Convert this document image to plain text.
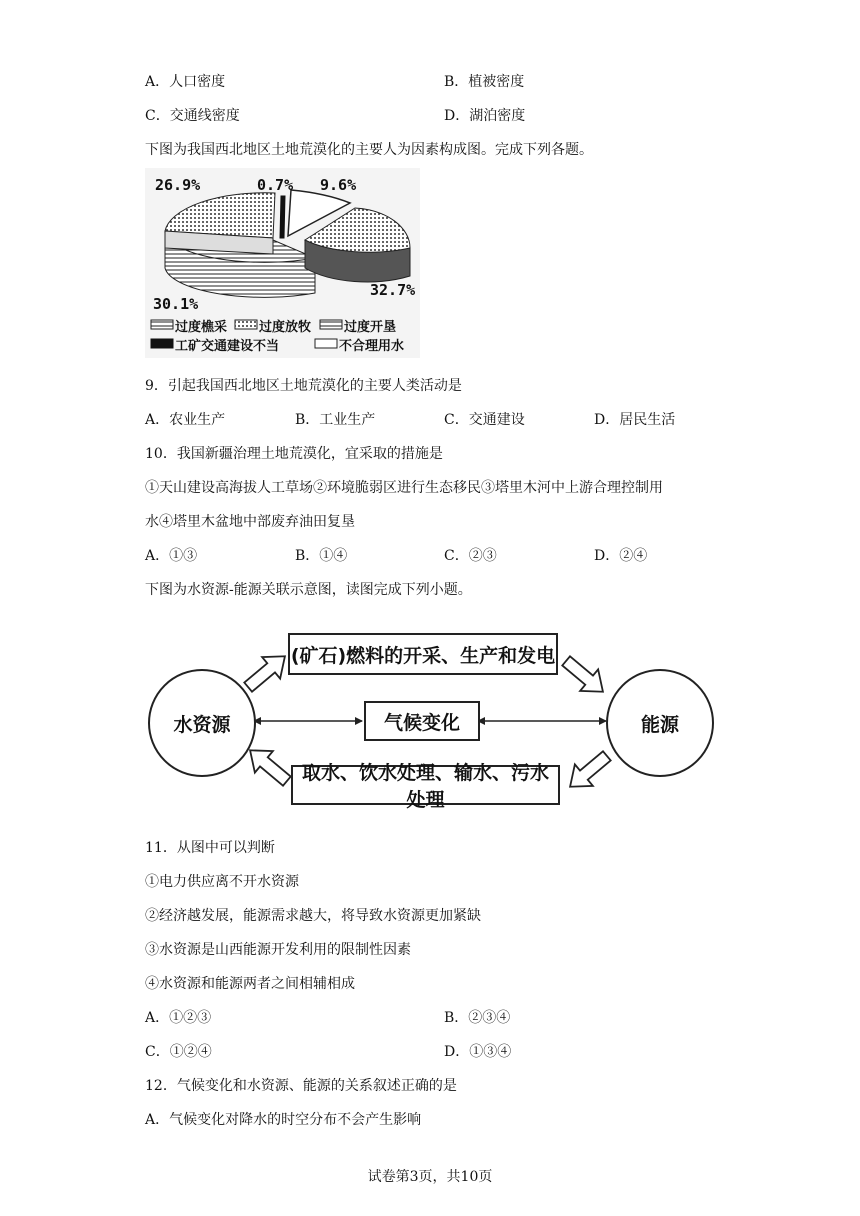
A．人口密度	B．植被密度
C．交通线密度	D．湖泊密度
下图为我国西北地区土地荒漠化的主要人为因素构成图。完成下列各题。
26.9%	0.7% 9.6%
30.1%
32.7%
过度樵采 过度放牧	过度开垦
工矿交通建设不当	不合理用水
9．引起我国西北地区土地荒漠化的主要人类活动是
A．农业生产	B．工业生产	C．交通建设	D．居民生活
10．我国新疆治理土地荒漠化，宜采取的措施是
①天山建设高海拔人工草场②环境脆弱区进行生态移民③塔里木河中上游合理控制用
水④塔里木盆地中部废弃油田复垦
A．①③	B．①④	C．②③	D．②④
下图为水资源-能源关联示意图，读图完成下列小题。
水资源	能源
(矿石)燃料的开采、生产和发电
气候变化
取水、饮水处理、输水、污水处理
11．从图中可以判断
①电力供应离不开水资源
②经济越发展，能源需求越大，将导致水资源更加紧缺
③水资源是山西能源开发利用的限制性因素
④水资源和能源两者之间相辅相成
A．①②③	B．②③④
C．①②④	D．①③④
12．气候变化和水资源、能源的关系叙述正确的是
A．气候变化对降水的时空分布不会产生影响
试卷第3页，共10页
